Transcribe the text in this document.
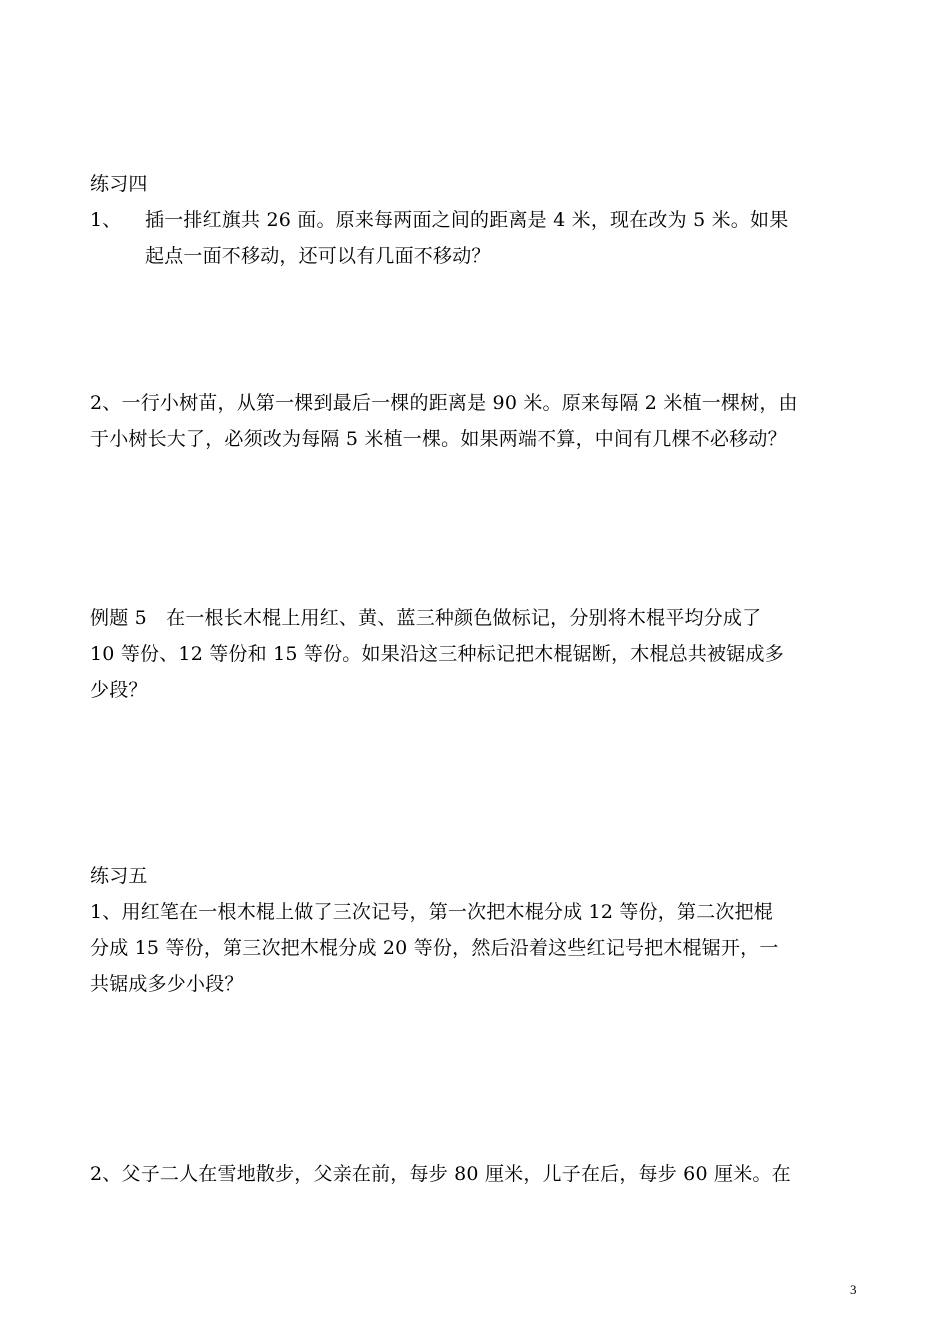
练习四
1、 插一排红旗共 26 面。原来每两面之间的距离是 4 米，现在改为 5 米。如果
起点一面不移动，还可以有几面不移动？
2、一行小树苗，从第一棵到最后一棵的距离是 90 米。原来每隔 2 米植一棵树，由
于小树长大了，必须改为每隔 5 米植一棵。如果两端不算，中间有几棵不必移动？
例题 5　在一根长木棍上用红、黄、蓝三种颜色做标记，分别将木棍平均分成了
10 等份、12 等份和 15 等份。如果沿这三种标记把木棍锯断，木棍总共被锯成多
少段？
练习五
1、用红笔在一根木棍上做了三次记号，第一次把木棍分成 12 等份，第二次把棍
分成 15 等份，第三次把木棍分成 20 等份，然后沿着这些红记号把木棍锯开，一
共锯成多少小段？
2、父子二人在雪地散步，父亲在前，每步 80 厘米，儿子在后，每步 60 厘米。在
3
